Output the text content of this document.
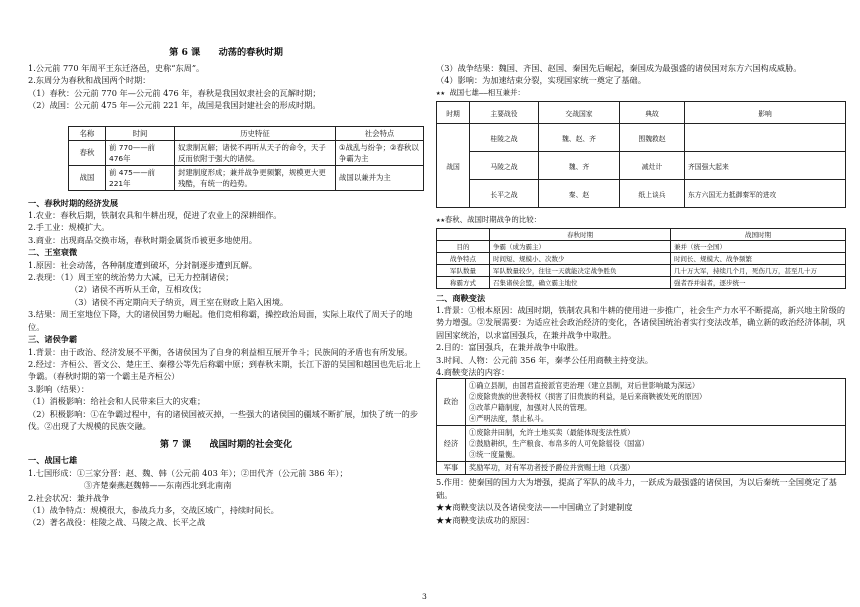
第 6 课　　动荡的春秋时期
1.公元前 770 年周平王东迁洛邑，史称“东周”。
2.东周分为春秋和战国两个时期：
（1）春秋：公元前 770 年—公元前 476 年，春秋是我国奴隶社会的瓦解时期；
（2）战国：公元前 475 年—公元前 221 年，战国是我国封建社会的形成时期。
名称	时间	历史特征	社会特点
春秋	前 770——前 476年	奴隶制瓦解；诸侯不再听从天子的命令，天子反而依附于强大的诸侯。	①战乱与纷争；②春秋以争霸为主
战国	前 475——前 221年	封建制度形成；兼并战争更频繁，规模更大更残酷，有统一的趋势。	战国以兼并为主
一、春秋时期的经济发展
1.农业：春秋后期，铁制农具和牛耕出现，促进了农业上的深耕细作。
2.手工业：规模扩大。
3.商业：出现商品交换市场，春秋时期金属货币被更多地使用。
二、王室衰微
1.原因：社会动荡，各种制度遭到破坏，分封制逐步遭到瓦解。
2.表现：（1）周王室的统治势力大减，已无力控制诸侯；
（2）诸侯不再听从王命，互相攻伐；
（3）诸侯不再定期向天子纳贡，周王室在财政上陷入困境。
3.结果：周王室地位下降，大的诸侯国势力崛起。他们竞相称霸，操控政治局面，实际上取代了周天子的地位。
三、诸侯争霸
1.背景：由于政治、经济发展不平衡，各诸侯国为了自身的利益相互展开争斗；民族间的矛盾也有所发展。
2.经过：齐桓公、晋文公、楚庄王、秦穆公等先后称霸中原；到春秋末期，长江下游的吴国和越国也先后北上争霸。（春秋时期的第一个霸主是齐桓公）
3.影响（结果）：
（1）消极影响：给社会和人民带来巨大的灾难；
（2）积极影响：①在争霸过程中，有的诸侯国被灭掉，一些强大的诸侯国的疆域不断扩展，加快了统一的步伐。②出现了大规模的民族交融。
第 7 课　　战国时期的社会变化
一、战国七雄
1.七国形成：①三家分晋：赵、魏、韩（公元前 403 年）；②田代齐（公元前 386 年）；
③齐楚秦燕赵魏韩——东南西北到北南南
2.社会状况：兼并战争
（1）战争特点：规模很大，参战兵力多，交战区域广，持续时间长。
（2）著名战役：桂陵之战、马陵之战、长平之战
（3）战争结果：魏国、齐国、赵国、秦国先后崛起，秦国成为最强盛的诸侯国对东方六国构成威胁。
（4）影响：为加速结束分裂，实现国家统一奠定了基础。
★★ 战国七雄——相互兼并：
时期	主要战役	交战国家	典故	影响
战国	桂陵之战	魏、赵、齐	围魏救赵	
	马陵之战	魏、齐	减灶计	齐国强大起来
	长平之战	秦、赵	纸上谈兵	东方六国无力抵御秦军的进攻
★★春秋、战国时期战争的比较：
	春秋时期	战国时期
目的	争霸（成为霸主）	兼并（统一全国）
战争特点	时间短、规模小、次数少	时间长、规模大、战争频繁
军队数量	军队数量较少，往往一天就能决定战争胜负	几十万大军，持续几个月，死伤几万，甚至几十万
称霸方式	召集诸侯会盟，确立霸主地位	强者吞并弱者，逐步统一
二、商鞅变法
1.背景：①根本原因：战国时期，铁制农具和牛耕的使用进一步推广，社会生产力水平不断提高，新兴地主阶级的势力增强。②发展需要：为适应社会政治经济的变化，各诸侯国统治者实行变法改革，确立新的政治经济体制，巩固国家统治，以求富国强兵，在兼并战争中取胜。
2.目的：富国强兵，在兼并战争中取胜。
3.时间、人物：公元前 356 年，秦孝公任用商鞅主持变法。
4.商鞅变法的内容：
政治	①确立县制，由国君直接派官吏治理（建立县制，对后世影响最为深远）
②废除贵族的世袭特权（损害了旧贵族的利益，是后来商鞅被处死的原因）
③改革户籍制度，加强对人民的管理。
④严明法度，禁止私斗。

经济	①废除井田制，允许土地买卖（最能体现变法性质）
②鼓励耕织，生产粮食、布帛多的人可免除徭役（国富）
③统一度量衡。

军事	奖励军功，对有军功者授予爵位并赏赐土地（兵强）
5.作用：使秦国的国力大为增强，提高了军队的战斗力，一跃成为最强盛的诸侯国，为以后秦统一全国奠定了基础。
★★商鞅变法以及各诸侯变法——中国确立了封建制度
★★商鞅变法成功的原因：
3
